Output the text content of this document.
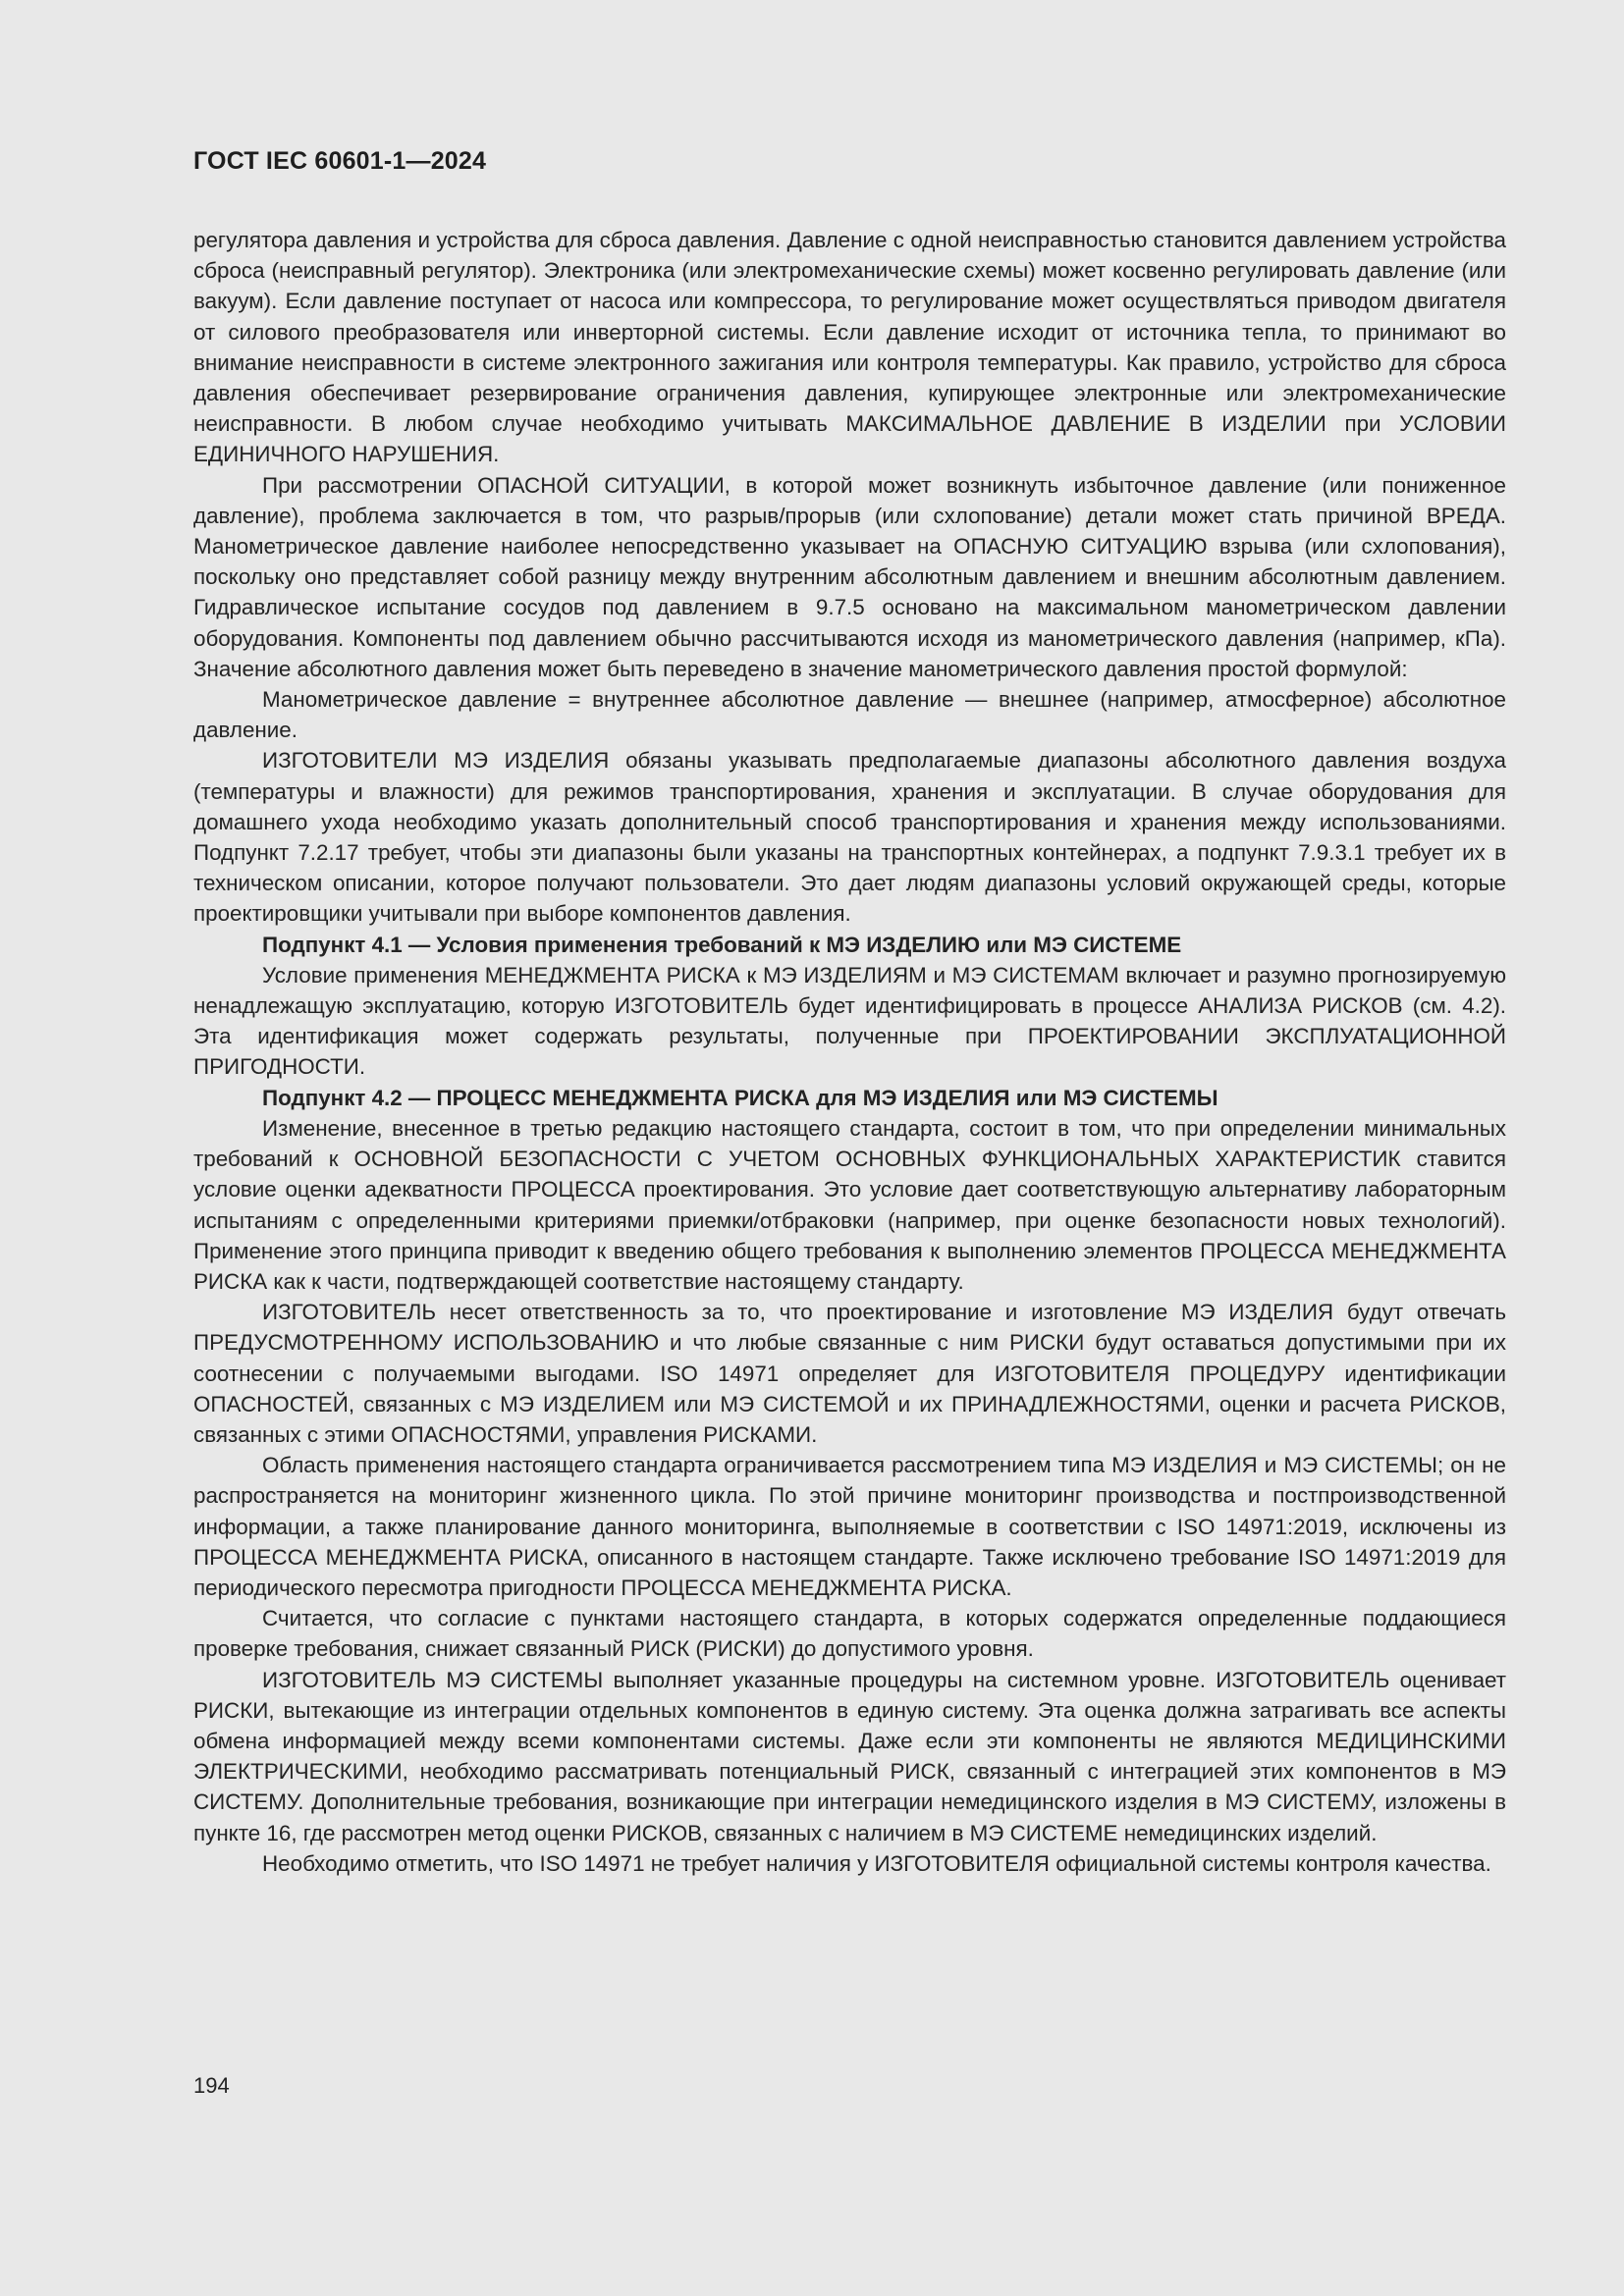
ГОСТ IEC 60601-1—2024

регулятора давления и устройства для сброса давления. Давление с одной неисправностью становится давлением устройства сброса (неисправный регулятор). Электроника (или электромеханические схемы) может косвенно регулировать давление (или вакуум). Если давление поступает от насоса или компрессора, то регулирование может осуществляться приводом двигателя от силового преобразователя или инверторной системы. Если давление исходит от источника тепла, то принимают во внимание неисправности в системе электронного зажигания или контроля температуры. Как правило, устройство для сброса давления обеспечивает резервирование ограничения давления, купирующее электронные или электромеханические неисправности. В любом случае необходимо учитывать МАКСИМАЛЬНОЕ ДАВЛЕНИЕ В ИЗДЕЛИИ при УСЛОВИИ ЕДИНИЧНОГО НАРУШЕНИЯ.

При рассмотрении ОПАСНОЙ СИТУАЦИИ, в которой может возникнуть избыточное давление (или пониженное давление), проблема заключается в том, что разрыв/прорыв (или схлопование) детали может стать причиной ВРЕДА. Манометрическое давление наиболее непосредственно указывает на ОПАСНУЮ СИТУАЦИЮ взрыва (или схлопования), поскольку оно представляет собой разницу между внутренним абсолютным давлением и внешним абсолютным давлением. Гидравлическое испытание сосудов под давлением в 9.7.5 основано на максимальном манометрическом давлении оборудования. Компоненты под давлением обычно рассчитываются исходя из манометрического давления (например, кПа). Значение абсолютного давления может быть переведено в значение манометрического давления простой формулой:

Манометрическое давление = внутреннее абсолютное давление — внешнее (например, атмосферное) абсолютное давление.

ИЗГОТОВИТЕЛИ МЭ ИЗДЕЛИЯ обязаны указывать предполагаемые диапазоны абсолютного давления воздуха (температуры и влажности) для режимов транспортирования, хранения и эксплуатации. В случае оборудования для домашнего ухода необходимо указать дополнительный способ транспортирования и хранения между использованиями. Подпункт 7.2.17 требует, чтобы эти диапазоны были указаны на транспортных контейнерах, а подпункт 7.9.3.1 требует их в техническом описании, которое получают пользователи. Это дает людям диапазоны условий окружающей среды, которые проектировщики учитывали при выборе компонентов давления.

Подпункт 4.1 — Условия применения требований к МЭ ИЗДЕЛИЮ или МЭ СИСТЕМЕ

Условие применения МЕНЕДЖМЕНТА РИСКА к МЭ ИЗДЕЛИЯМ и МЭ СИСТЕМАМ включает и разумно прогнозируемую ненадлежащую эксплуатацию, которую ИЗГОТОВИТЕЛЬ будет идентифицировать в процессе АНАЛИЗА РИСКОВ (см. 4.2). Эта идентификация может содержать результаты, полученные при ПРОЕКТИРОВАНИИ ЭКСПЛУАТАЦИОННОЙ ПРИГОДНОСТИ.

Подпункт 4.2 — ПРОЦЕСС МЕНЕДЖМЕНТА РИСКА для МЭ ИЗДЕЛИЯ или МЭ СИСТЕМЫ

Изменение, внесенное в третью редакцию настоящего стандарта, состоит в том, что при определении минимальных требований к ОСНОВНОЙ БЕЗОПАСНОСТИ С УЧЕТОМ ОСНОВНЫХ ФУНКЦИОНАЛЬНЫХ ХАРАКТЕРИСТИК ставится условие оценки адекватности ПРОЦЕССА проектирования. Это условие дает соответствующую альтернативу лабораторным испытаниям с определенными критериями приемки/отбраковки (например, при оценке безопасности новых технологий). Применение этого принципа приводит к введению общего требования к выполнению элементов ПРОЦЕССА МЕНЕДЖМЕНТА РИСКА как к части, подтверждающей соответствие настоящему стандарту.

ИЗГОТОВИТЕЛЬ несет ответственность за то, что проектирование и изготовление МЭ ИЗДЕЛИЯ будут отвечать ПРЕДУСМОТРЕННОМУ ИСПОЛЬЗОВАНИЮ и что любые связанные с ним РИСКИ будут оставаться допустимыми при их соотнесении с получаемыми выгодами. ISO 14971 определяет для ИЗГОТОВИТЕЛЯ ПРОЦЕДУРУ идентификации ОПАСНОСТЕЙ, связанных с МЭ ИЗДЕЛИЕМ или МЭ СИСТЕМОЙ и их ПРИНАДЛЕЖНОСТЯМИ, оценки и расчета РИСКОВ, связанных с этими ОПАСНОСТЯМИ, управления РИСКАМИ.

Область применения настоящего стандарта ограничивается рассмотрением типа МЭ ИЗДЕЛИЯ и МЭ СИСТЕМЫ; он не распространяется на мониторинг жизненного цикла. По этой причине мониторинг производства и постпроизводственной информации, а также планирование данного мониторинга, выполняемые в соответствии с ISO 14971:2019, исключены из ПРОЦЕССА МЕНЕДЖМЕНТА РИСКА, описанного в настоящем стандарте. Также исключено требование ISO 14971:2019 для периодического пересмотра пригодности ПРОЦЕССА МЕНЕДЖМЕНТА РИСКА.

Считается, что согласие с пунктами настоящего стандарта, в которых содержатся определенные поддающиеся проверке требования, снижает связанный РИСК (РИСКИ) до допустимого уровня.

ИЗГОТОВИТЕЛЬ МЭ СИСТЕМЫ выполняет указанные процедуры на системном уровне. ИЗГОТОВИТЕЛЬ оценивает РИСКИ, вытекающие из интеграции отдельных компонентов в единую систему. Эта оценка должна затрагивать все аспекты обмена информацией между всеми компонентами системы. Даже если эти компоненты не являются МЕДИЦИНСКИМИ ЭЛЕКТРИЧЕСКИМИ, необходимо рассматривать потенциальный РИСК, связанный с интеграцией этих компонентов в МЭ СИСТЕМУ. Дополнительные требования, возникающие при интеграции немедицинского изделия в МЭ СИСТЕМУ, изложены в пункте 16, где рассмотрен метод оценки РИСКОВ, связанных с наличием в МЭ СИСТЕМЕ немедицинских изделий.

Необходимо отметить, что ISO 14971 не требует наличия у ИЗГОТОВИТЕЛЯ официальной системы контроля качества.

194
